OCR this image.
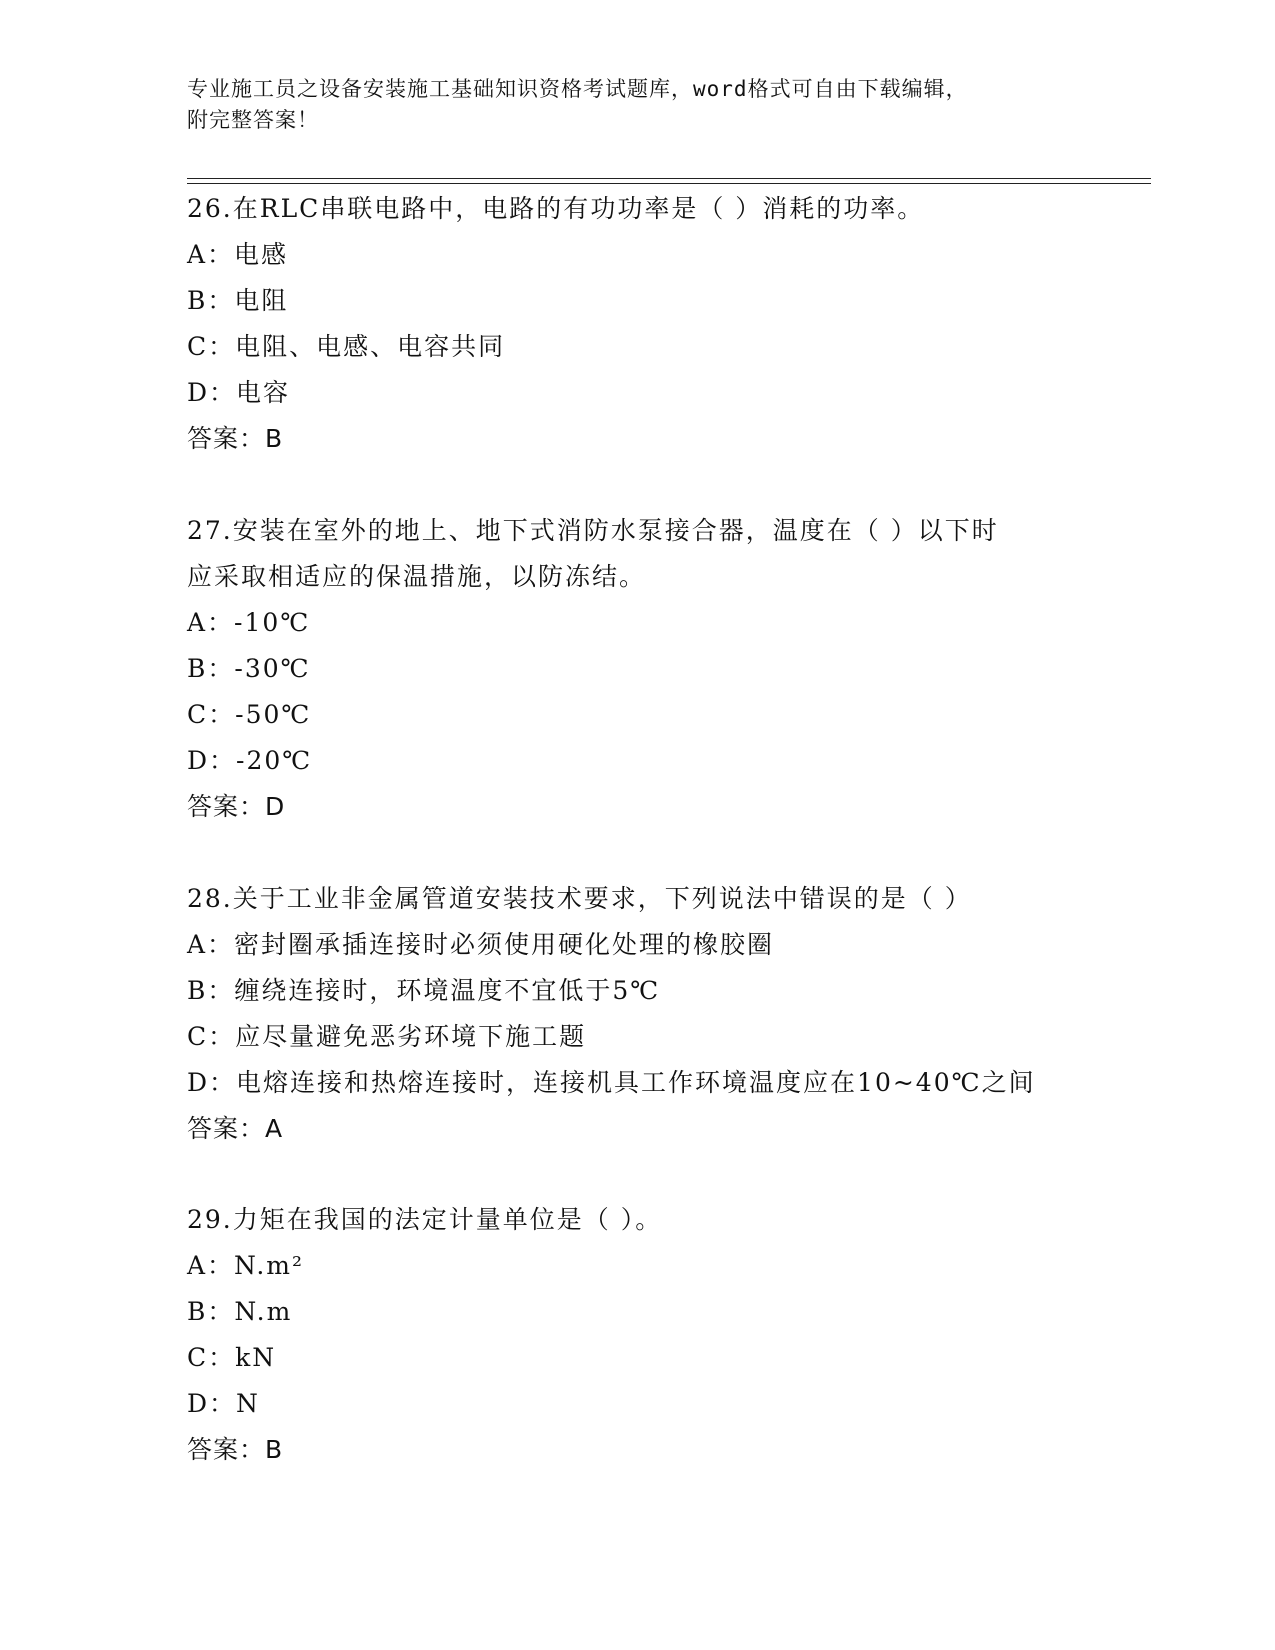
专业施工员之设备安装施工基础知识资格考试题库，word格式可自由下载编辑，
附完整答案！
26.在RLC串联电路中，电路的有功功率是（ ）消耗的功率。
A：电感
B：电阻
C：电阻、电感、电容共同
D：电容
答案：B
27.安装在室外的地上、地下式消防水泵接合器，温度在（ ）以下时
应采取相适应的保温措施，以防冻结。
A：-10℃
B：-30℃
C：-50℃
D：-20℃
答案：D
28.关于工业非金属管道安装技术要求，下列说法中错误的是（ ）
A：密封圈承插连接时必须使用硬化处理的橡胶圈
B：缠绕连接时，环境温度不宜低于5℃
C：应尽量避免恶劣环境下施工题
D：电熔连接和热熔连接时，连接机具工作环境温度应在10~40℃之间
答案：A
29.力矩在我国的法定计量单位是（ ）。
A：N.m²
B：N.m
C：kN
D：N
答案：B
